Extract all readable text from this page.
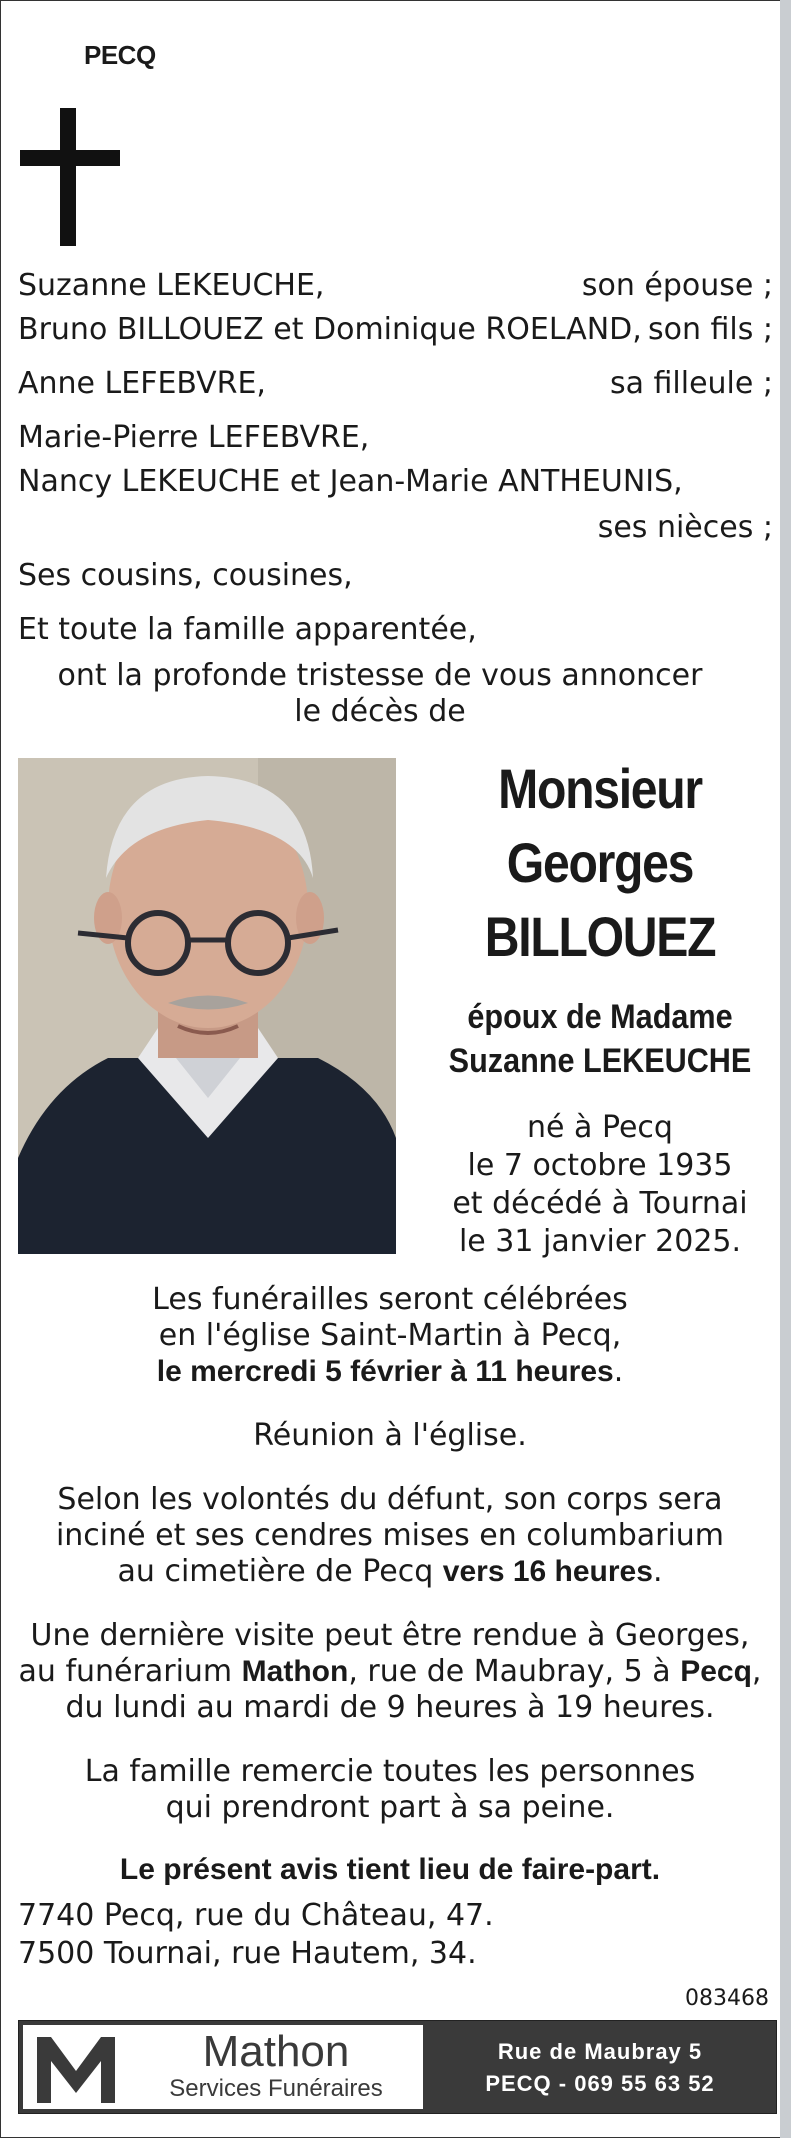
PECQ
Suzanne LEKEUCHE,	son épouse ;
Bruno BILLOUEZ et Dominique ROELAND, son fils ;
Anne LEFEBVRE,	sa filleule ;
Marie-Pierre LEFEBVRE,
Nancy LEKEUCHE et Jean-Marie ANTHEUNIS,
ses nièces ;
Ses cousins, cousines,
Et toute la famille apparentée,
ont la profonde tristesse de vous annoncer
le décès de
Monsieur
Georges
BILLOUEZ
époux de Madame
Suzanne LEKEUCHE
né à Pecq
le 7 octobre 1935
et décédé à Tournai
le 31 janvier 2025.
Les funérailles seront célébrées
en l'église Saint-Martin à Pecq,
le mercredi 5 février à 11 heures.
Réunion à l'église.
Selon les volontés du défunt, son corps sera
inciné et ses cendres mises en columbarium
au cimetière de Pecq vers 16 heures.
Une dernière visite peut être rendue à Georges,
au funérarium Mathon, rue de Maubray, 5 à Pecq,
du lundi au mardi de 9 heures à 19 heures.
La famille remercie toutes les personnes
qui prendront part à sa peine.
Le présent avis tient lieu de faire-part.
7740 Pecq, rue du Château, 47.
7500 Tournai, rue Hautem, 34.
083468
Mathon
Services Funéraires
Rue de Maubray 5
PECQ - 069 55 63 52
